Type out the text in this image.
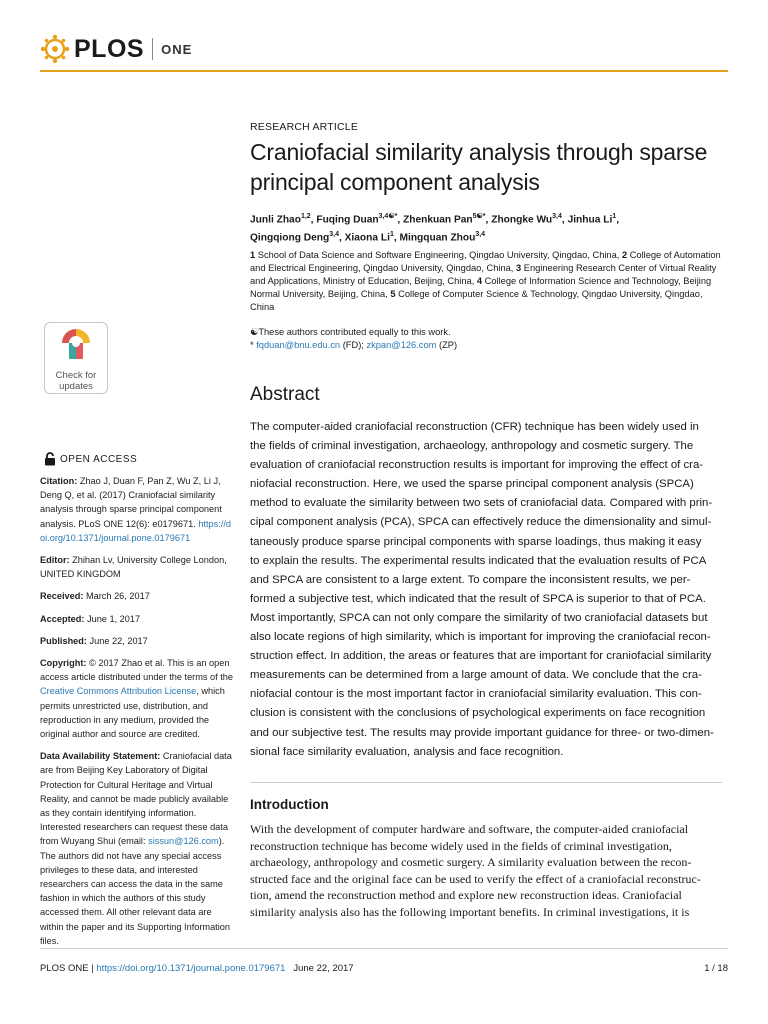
PLOS ONE
Check for
updates
OPEN ACCESS

Citation: Zhao J, Duan F, Pan Z, Wu Z, Li J, Deng Q, et al. (2017) Craniofacial similarity analysis through sparse principal component analysis. PLoS ONE 12(6): e0179671. https://doi.org/10.1371/journal.pone.0179671

Editor: Zhihan Lv, University College London, UNITED KINGDOM

Received: March 26, 2017

Accepted: June 1, 2017

Published: June 22, 2017

Copyright: © 2017 Zhao et al. This is an open access article distributed under the terms of the Creative Commons Attribution License, which permits unrestricted use, distribution, and reproduction in any medium, provided the original author and source are credited.

Data Availability Statement: Craniofacial data are from Beijing Key Laboratory of Digital Protection for Cultural Heritage and Virtual Reality, and cannot be made publicly available as they contain identifying information. Interested researchers can request these data from Wuyang Shui (email: sissun@126.com). The authors did not have any special access privileges to these data, and interested researchers can access the data in the same fashion in which the authors of this study accessed them. All other relevant data are within the paper and its Supporting Information files.

RESEARCH ARTICLE
Craniofacial similarity analysis through sparse principal component analysis
Junli Zhao$^{1,2}$, Fuqing Duan$^{3,4☯*}$, Zhenkuan Pan$^{5☯*}$, Zhongke Wu$^{3,4}$, Jinhua Li$^1$,
Qingqiong Deng$^{3,4}$, Xiaona Li$^1$, Mingquan Zhou$^{3,4}$
1 School of Data Science and Software Engineering, Qingdao University, Qingdao, China, 2 College of Automation and Electrical Engineering, Qingdao University, Qingdao, China, 3 Engineering Research Center of Virtual Reality and Applications, Ministry of Education, Beijing, China, 4 College of Information Science and Technology, Beijing Normal University, Beijing, China, 5 College of Computer Science & Technology, Qingdao University, Qingdao, China
☯These authors contributed equally to this work.
* fqduan@bnu.edu.cn (FD); zkpan@126.com (ZP)
Abstract
The computer-aided craniofacial reconstruction (CFR) technique has been widely used in
the fields of criminal investigation, archaeology, anthropology and cosmetic surgery. The
evaluation of craniofacial reconstruction results is important for improving the effect of cra-
niofacial reconstruction. Here, we used the sparse principal component analysis (SPCA)
method to evaluate the similarity between two sets of craniofacial data. Compared with prin-
cipal component analysis (PCA), SPCA can effectively reduce the dimensionality and simul-
taneously produce sparse principal components with sparse loadings, thus making it easy
to explain the results. The experimental results indicated that the evaluation results of PCA
and SPCA are consistent to a large extent. To compare the inconsistent results, we per-
formed a subjective test, which indicated that the result of SPCA is superior to that of PCA.
Most importantly, SPCA can not only compare the similarity of two craniofacial datasets but
also locate regions of high similarity, which is important for improving the craniofacial recon-
struction effect. In addition, the areas or features that are important for craniofacial similarity
measurements can be determined from a large amount of data. We conclude that the cra-
niofacial contour is the most important factor in craniofacial similarity evaluation. This con-
clusion is consistent with the conclusions of psychological experiments on face recognition
and our subjective test. The results may provide important guidance for three- or two-dimen-
sional face similarity evaluation, analysis and face recognition.
Introduction
With the development of computer hardware and software, the computer-aided craniofacial
reconstruction technique has become widely used in the fields of criminal investigation,
archaeology, anthropology and cosmetic surgery. A similarity evaluation between the recon-
structed face and the original face can be used to verify the effect of a craniofacial reconstruc-
tion, amend the reconstruction method and explore new reconstruction ideas. Craniofacial
similarity analysis also has the following important benefits. In criminal investigations, it is
PLOS ONE | https://doi.org/10.1371/journal.pone.0179671 June 22, 2017	1 / 18
